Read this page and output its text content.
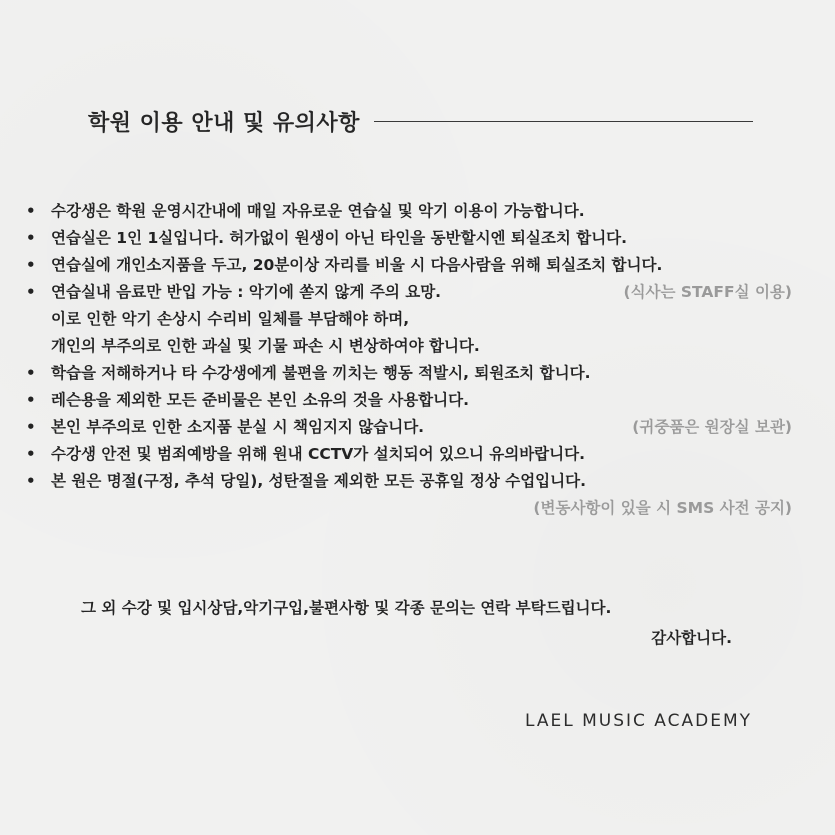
학원 이용 안내 및 유의사항
• 수강생은 학원 운영시간내에 매일 자유로운 연습실 및 악기 이용이 가능합니다.
• 연습실은 1인 1실입니다. 허가없이 원생이 아닌 타인을 동반할시엔 퇴실조치 합니다.
• 연습실에 개인소지품을 두고, 20분이상 자리를 비울 시 다음사람을 위해 퇴실조치 합니다.
• 연습실내 음료만 반입 가능 : 악기에 쏟지 않게 주의 요망.	(식사는 STAFF실 이용)
이로 인한 악기 손상시 수리비 일체를 부담해야 하며,
개인의 부주의로 인한 과실 및 기물 파손 시 변상하여야 합니다.
• 학습을 저해하거나 타 수강생에게 불편을 끼치는 행동 적발시, 퇴원조치 합니다.
• 레슨용을 제외한 모든 준비물은 본인 소유의 것을 사용합니다.
• 본인 부주의로 인한 소지품 분실 시 책임지지 않습니다.	(귀중품은 원장실 보관)
• 수강생 안전 및 범죄예방을 위해 원내 CCTV가 설치되어 있으니 유의바랍니다.
• 본 원은 명절(구정, 추석 당일), 성탄절을 제외한 모든 공휴일 정상 수업입니다.
(변동사항이 있을 시 SMS 사전 공지)
그 외 수강 및 입시상담,악기구입,불편사항 및 각종 문의는 연락 부탁드립니다.
감사합니다.
LAEL MUSIC ACADEMY
